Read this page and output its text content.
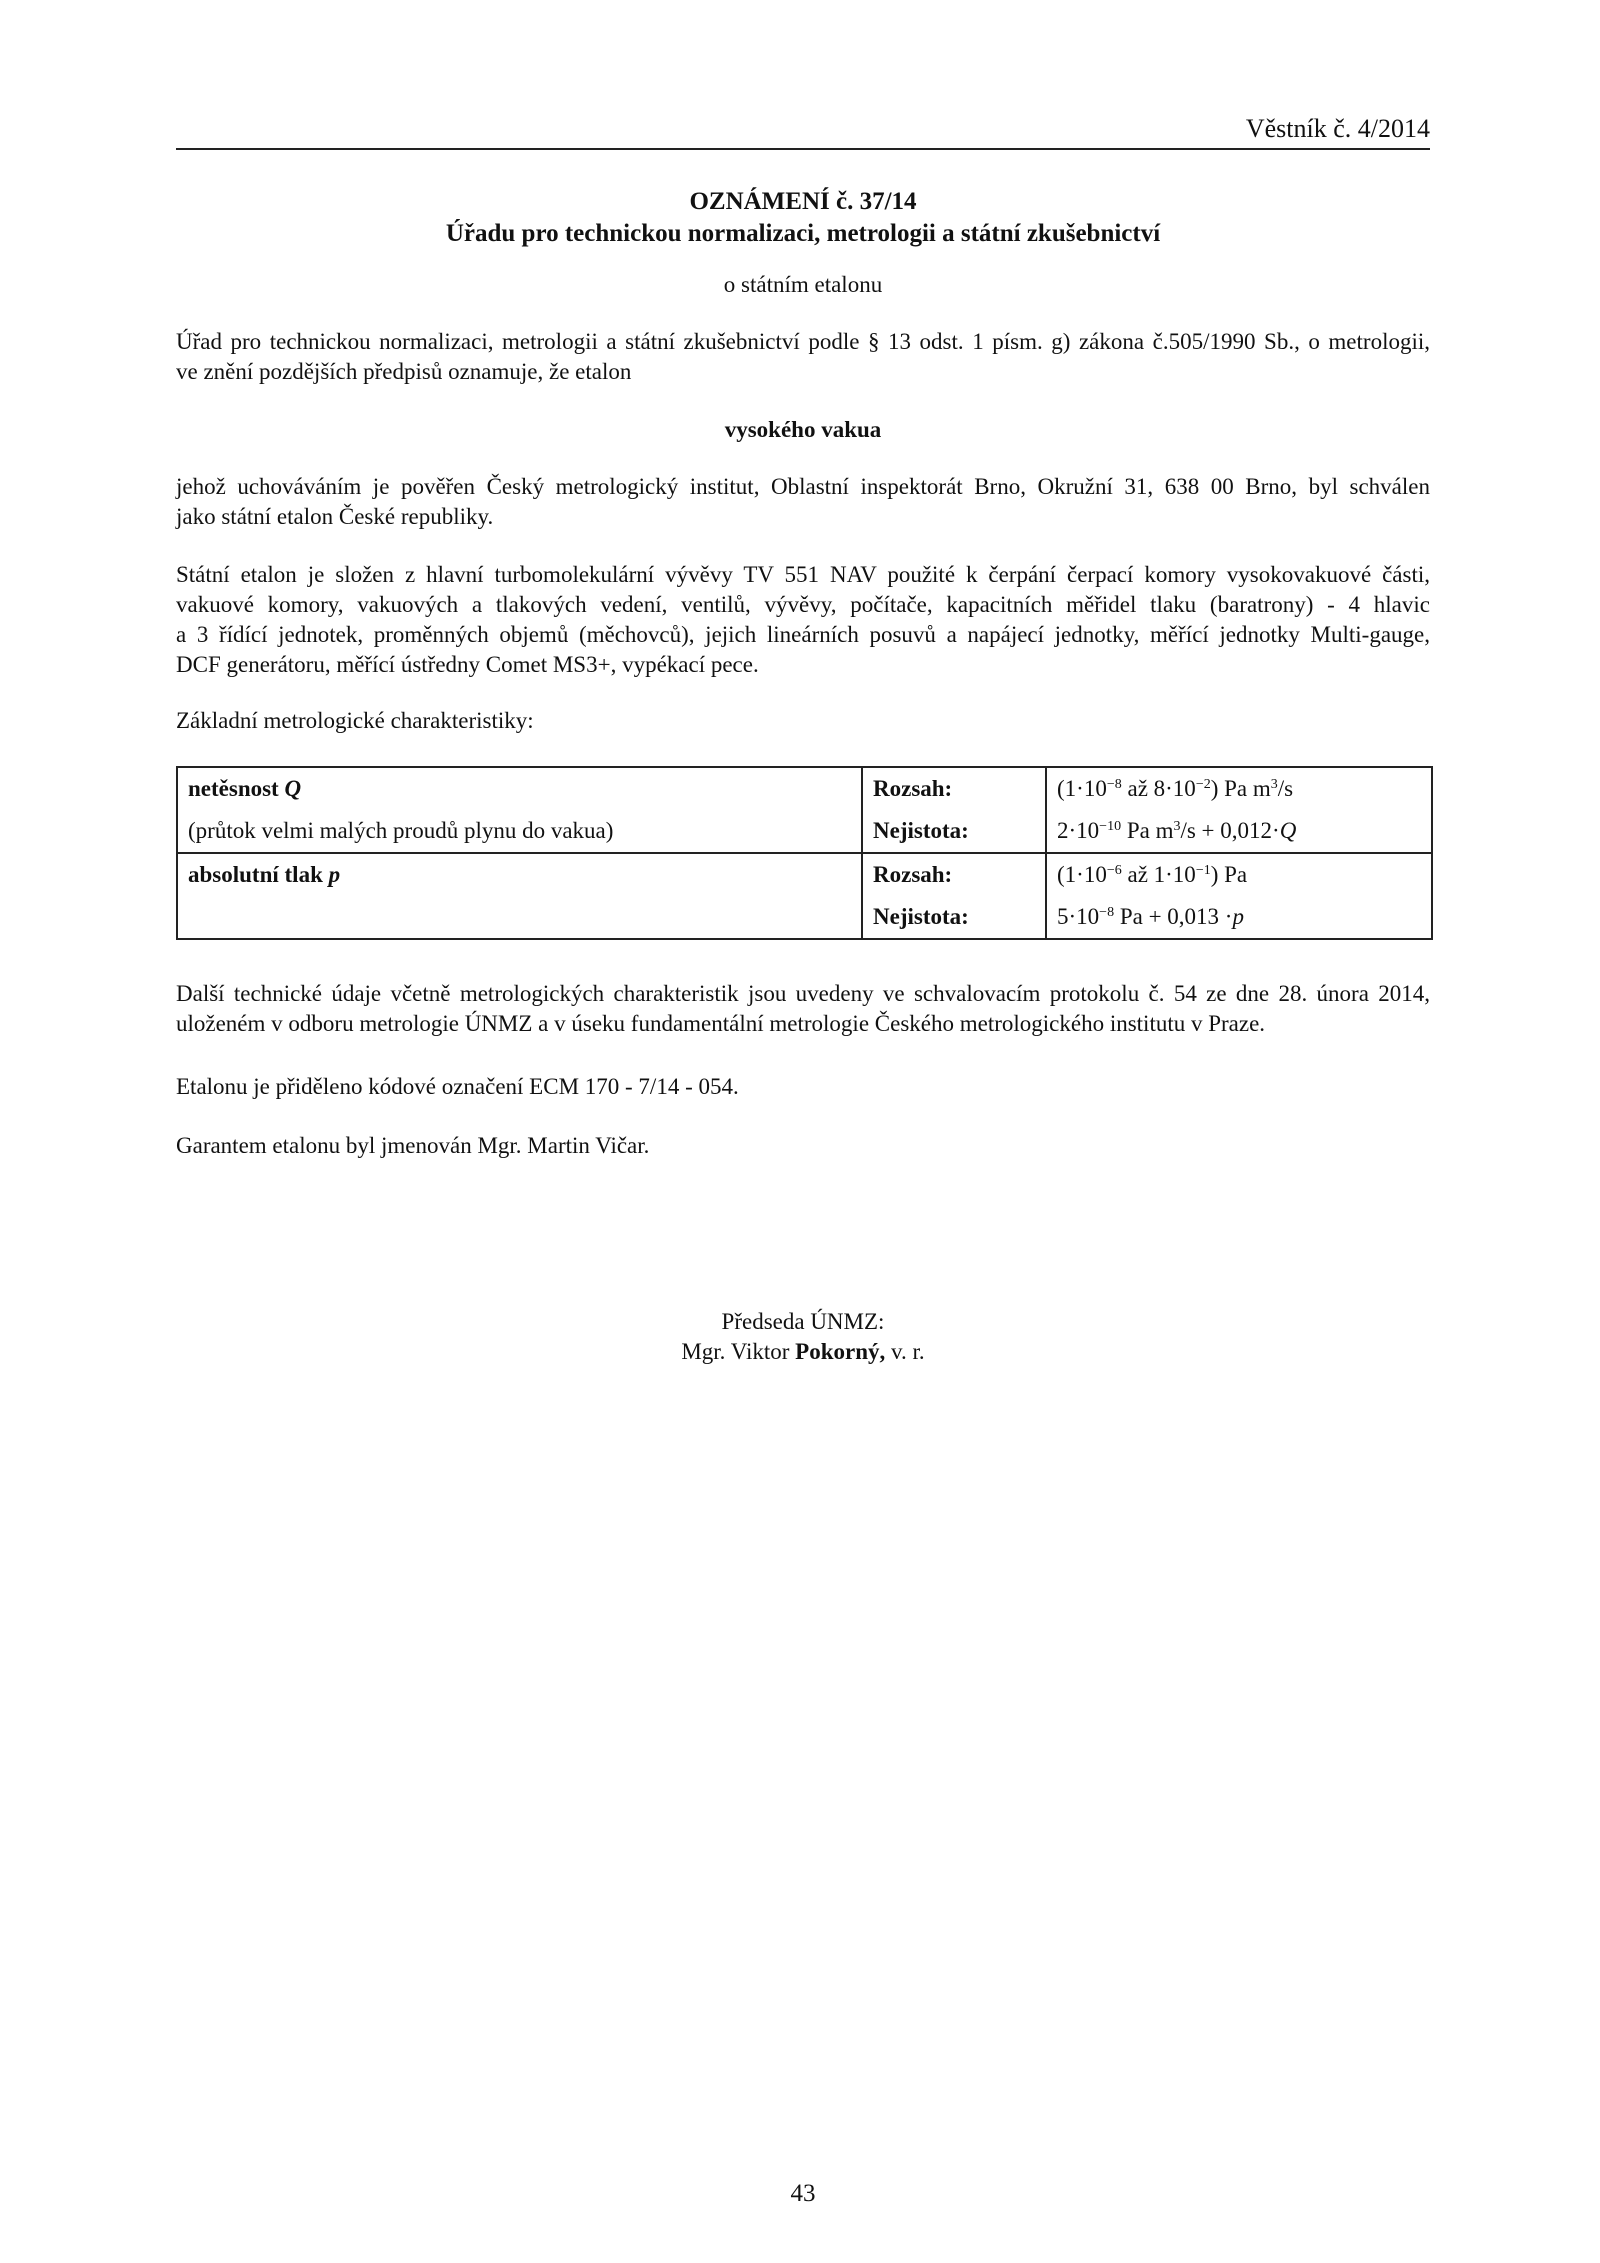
Věstník č. 4/2014
OZNÁMENÍ č. 37/14
Úřadu pro technickou normalizaci, metrologii a státní zkušebnictví
o státním etalonu
Úřad pro technickou normalizaci, metrologii a státní zkušebnictví podle § 13 odst. 1 písm. g) zákona č.505/1990 Sb., o metrologii,
ve znění pozdějších předpisů oznamuje, že etalon
vysokého vakua
jehož uchováváním je pověřen Český metrologický institut, Oblastní inspektorát Brno, Okružní 31, 638 00 Brno, byl schválen
jako státní etalon České republiky.
Státní etalon je složen z hlavní turbomolekulární vývěvy TV 551 NAV použité k čerpání čerpací komory vysokovakuové části,
vakuové komory, vakuových a tlakových vedení, ventilů, vývěvy, počítače, kapacitních měřidel tlaku (baratrony) - 4 hlavic
a 3 řídící jednotek, proměnných objemů (měchovců), jejich lineárních posuvů a napájecí jednotky, měřící jednotky Multi-gauge,
DCF generátoru, měřící ústředny Comet MS3+, vypékací pece.
Základní metrologické charakteristiky:
netěsnost Q	Rozsah:	($1\cdot 10^{-8}$ až $8\cdot 10^{-2}$) Pa $m^3/s$
(průtok velmi malých proudů plynu do vakua)	Nejistota:	$2\cdot 10^{-10}$ Pa $m^3/s + 0,012\cdot Q$
absolutní tlak p	Rozsah:	($1\cdot 10^{-6}$ až $1\cdot 10^{-1}$) Pa
	Nejistota:	$5\cdot 10^{-8}$ Pa + 0,013 ·p
Další technické údaje včetně metrologických charakteristik jsou uvedeny ve schvalovacím protokolu č. 54 ze dne 28. února 2014,
uloženém v odboru metrologie ÚNMZ a v úseku fundamentální metrologie Českého metrologického institutu v Praze.
Etalonu je přiděleno kódové označení ECM 170 - 7/14 - 054.
Garantem etalonu byl jmenován Mgr. Martin Vičar.
Předseda ÚNMZ:
Mgr. Viktor Pokorný, v. r.
43
